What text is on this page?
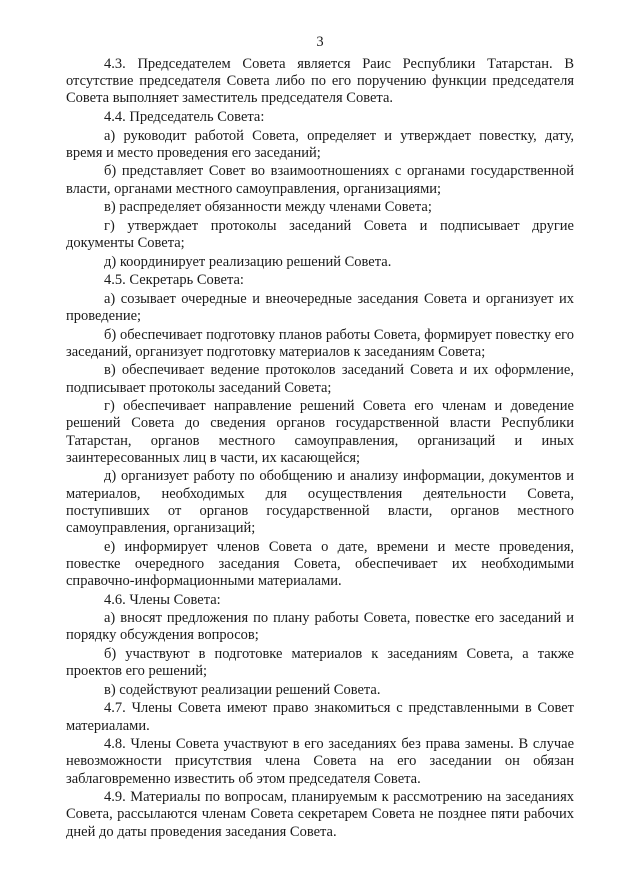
3

4.3. Председателем Совета является Раис Республики Татарстан. В отсутствие председателя Совета либо по его поручению функции председателя Совета выполняет заместитель председателя Совета.

4.4. Председатель Совета:

а) руководит работой Совета, определяет и утверждает повестку, дату, время и место проведения его заседаний;

б) представляет Совет во взаимоотношениях с органами государственной власти, органами местного самоуправления, организациями;

в) распределяет обязанности между членами Совета;

г) утверждает протоколы заседаний Совета и подписывает другие документы Совета;

д) координирует реализацию решений Совета.

4.5. Секретарь Совета:

а) созывает очередные и внеочередные заседания Совета и организует их проведение;

б) обеспечивает подготовку планов работы Совета, формирует повестку его заседаний, организует подготовку материалов к заседаниям Совета;

в) обеспечивает ведение протоколов заседаний Совета и их оформление, подписывает протоколы заседаний Совета;

г) обеспечивает направление решений Совета его членам и доведение решений Совета до сведения органов государственной власти Республики Татарстан, органов местного самоуправления, организаций и иных заинтересованных лиц в части, их касающейся;

д) организует работу по обобщению и анализу информации, документов и материалов, необходимых для осуществления деятельности Совета, поступивших от органов государственной власти, органов местного самоуправления, организаций;

е) информирует членов Совета о дате, времени и месте проведения, повестке очередного заседания Совета, обеспечивает их необходимыми справочно-информационными материалами.

4.6. Члены Совета:

а) вносят предложения по плану работы Совета, повестке его заседаний и порядку обсуждения вопросов;

б) участвуют в подготовке материалов к заседаниям Совета, а также проектов его решений;

в) содействуют реализации решений Совета.

4.7. Члены Совета имеют право знакомиться с представленными в Совет материалами.

4.8. Члены Совета участвуют в его заседаниях без права замены. В случае невозможности присутствия члена Совета на его заседании он обязан заблаговременно известить об этом председателя Совета.

4.9. Материалы по вопросам, планируемым к рассмотрению на заседаниях Совета, рассылаются членам Совета секретарем Совета не позднее пяти рабочих дней до даты проведения заседания Совета.
